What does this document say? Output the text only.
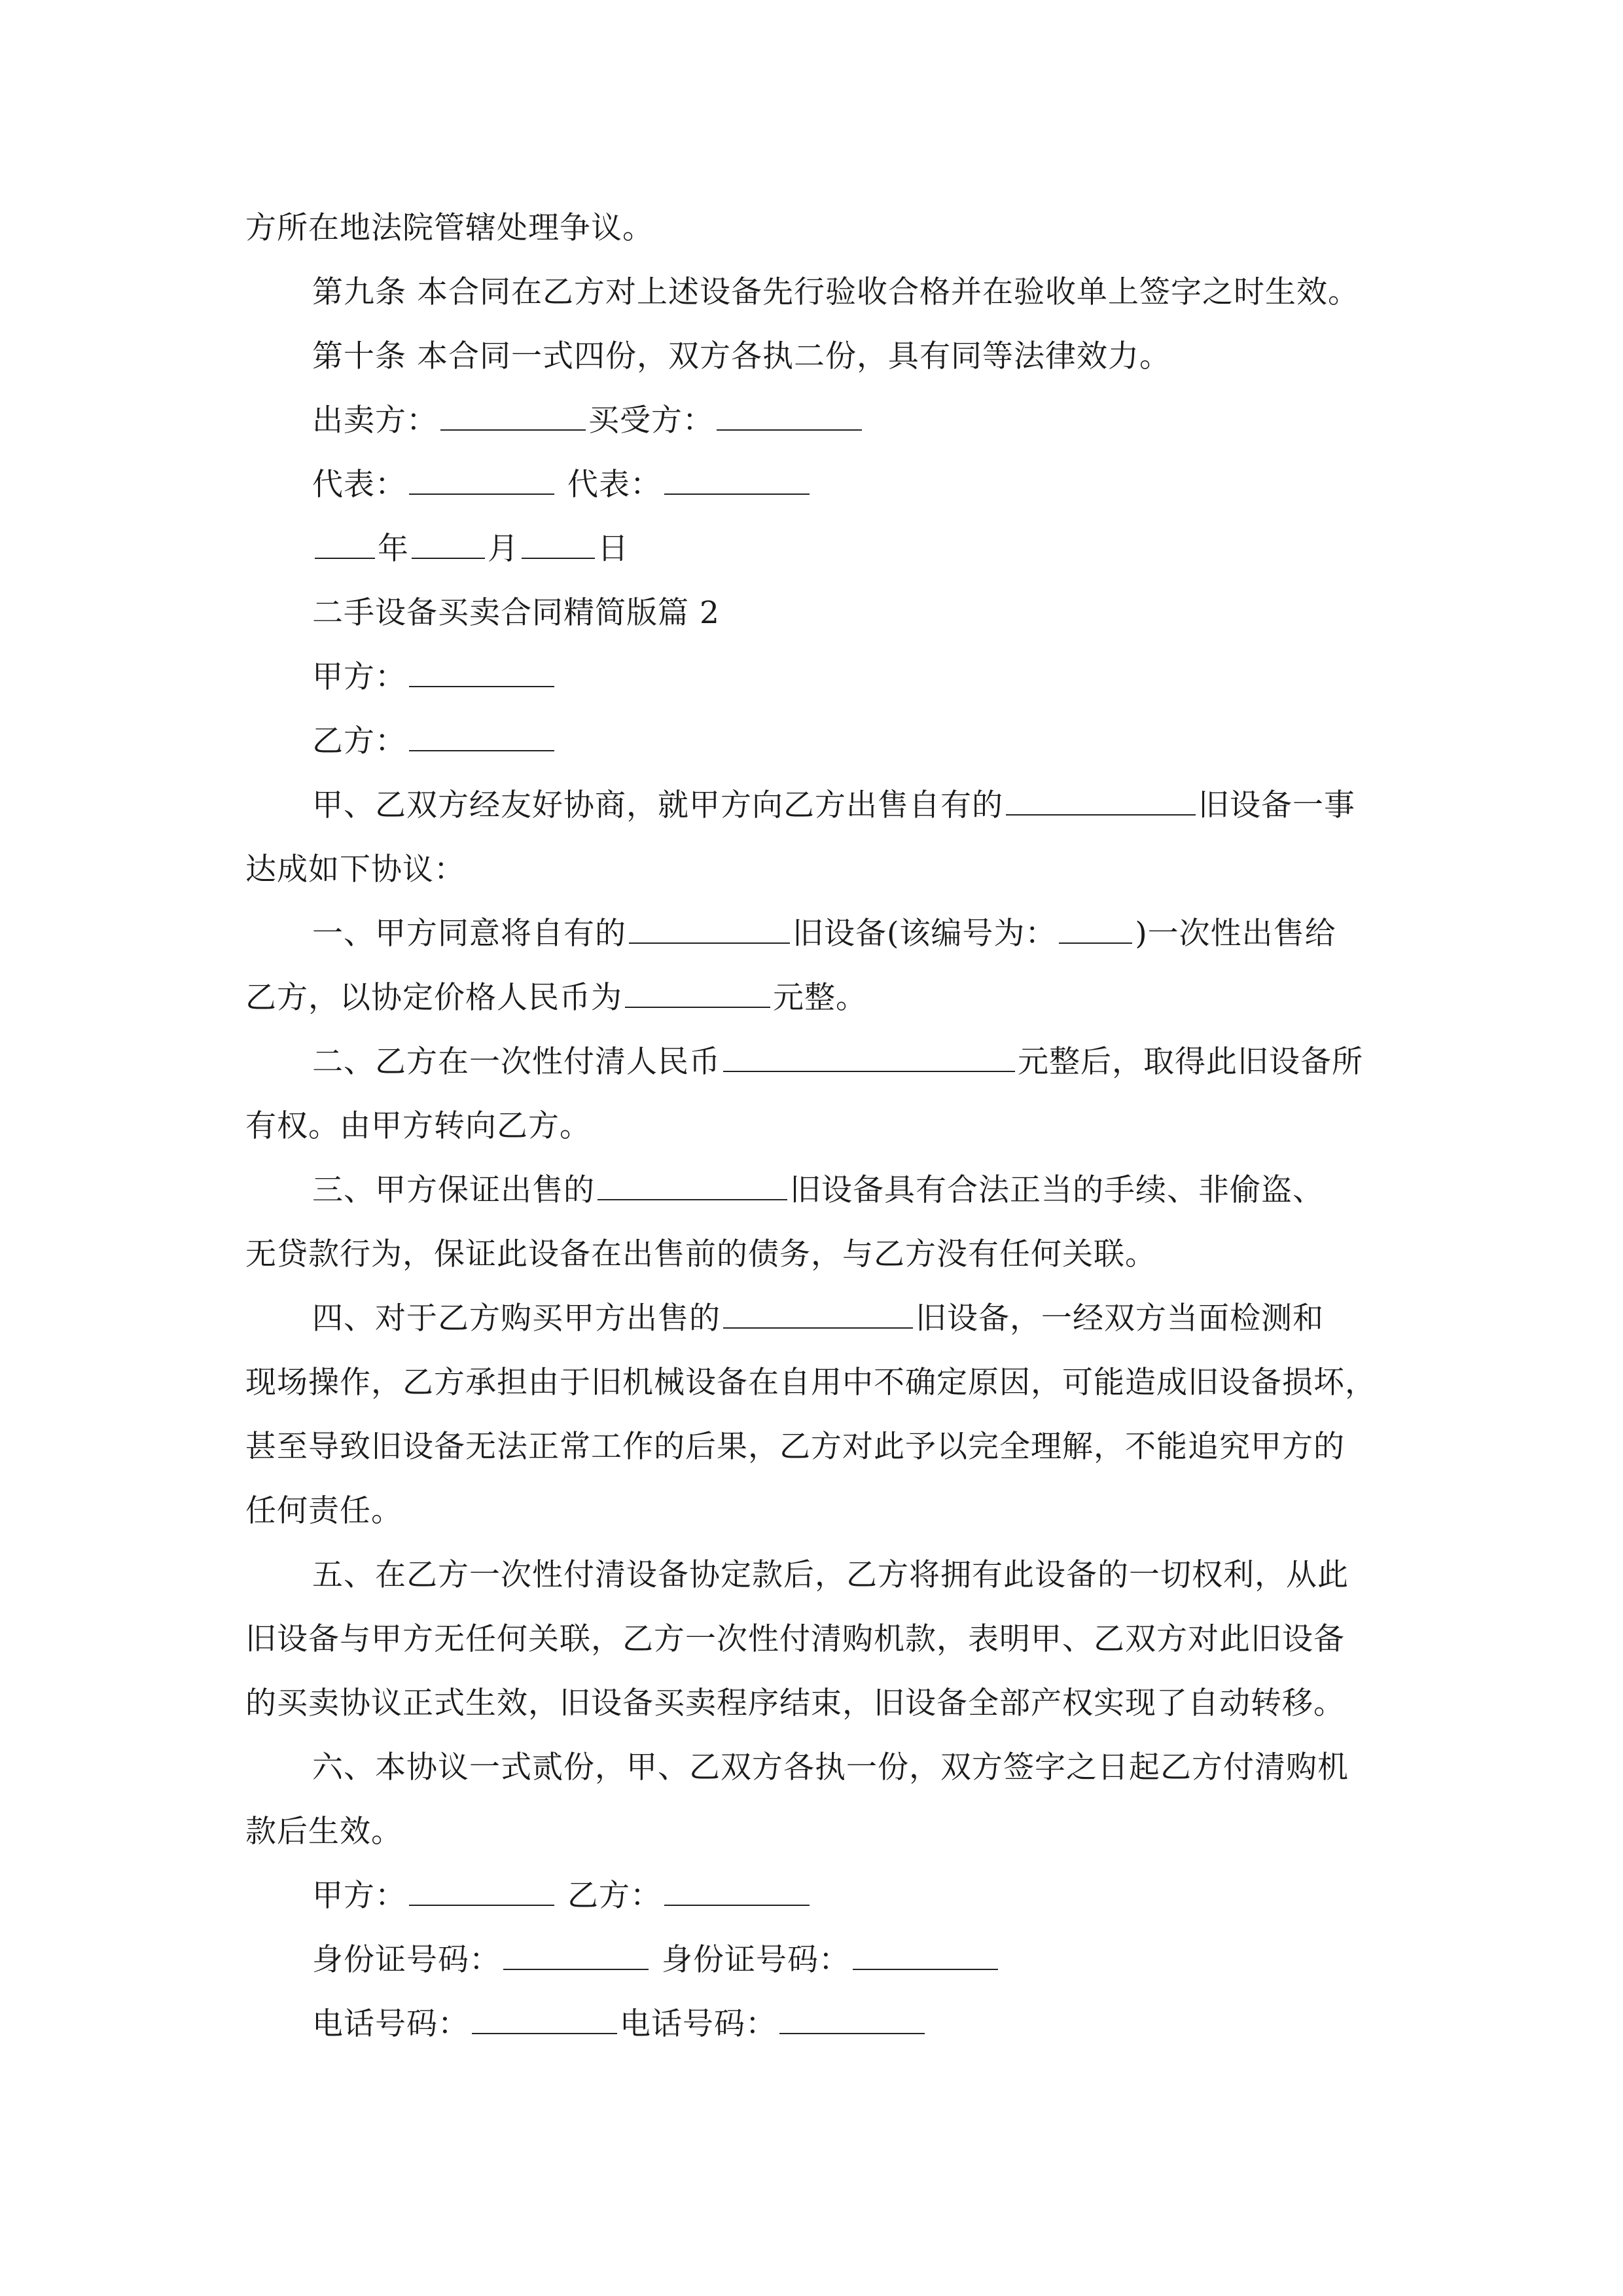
方所在地法院管辖处理争议。
第九条 本合同在乙方对上述设备先行验收合格并在验收单上签字之时生效。
第十条 本合同一式四份，双方各执二份，具有同等法律效力。
出卖方：	买受方：
代表：	代表：
年	月	日
二手设备买卖合同精简版篇 2
甲方：
乙方：
甲、乙双方经友好协商，就甲方向乙方出售自有的	旧设备一事
达成如下协议：
一、甲方同意将自有的	旧设备(该编号为：	)一次性出售给
乙方，以协定价格人民币为	元整。
二、乙方在一次性付清人民币	元整后，取得此旧设备所
有权。由甲方转向乙方。
三、甲方保证出售的	旧设备具有合法正当的手续、非偷盗、
无贷款行为，保证此设备在出售前的债务，与乙方没有任何关联。
四、对于乙方购买甲方出售的	旧设备，一经双方当面检测和
现场操作，乙方承担由于旧机械设备在自用中不确定原因，可能造成旧设备损坏，
甚至导致旧设备无法正常工作的后果，乙方对此予以完全理解，不能追究甲方的
任何责任。
五、在乙方一次性付清设备协定款后，乙方将拥有此设备的一切权利，从此
旧设备与甲方无任何关联，乙方一次性付清购机款，表明甲、乙双方对此旧设备
的买卖协议正式生效，旧设备买卖程序结束，旧设备全部产权实现了自动转移。
六、本协议一式贰份，甲、乙双方各执一份，双方签字之日起乙方付清购机
款后生效。
甲方：	乙方：
身份证号码：	身份证号码：
电话号码：	电话号码：
